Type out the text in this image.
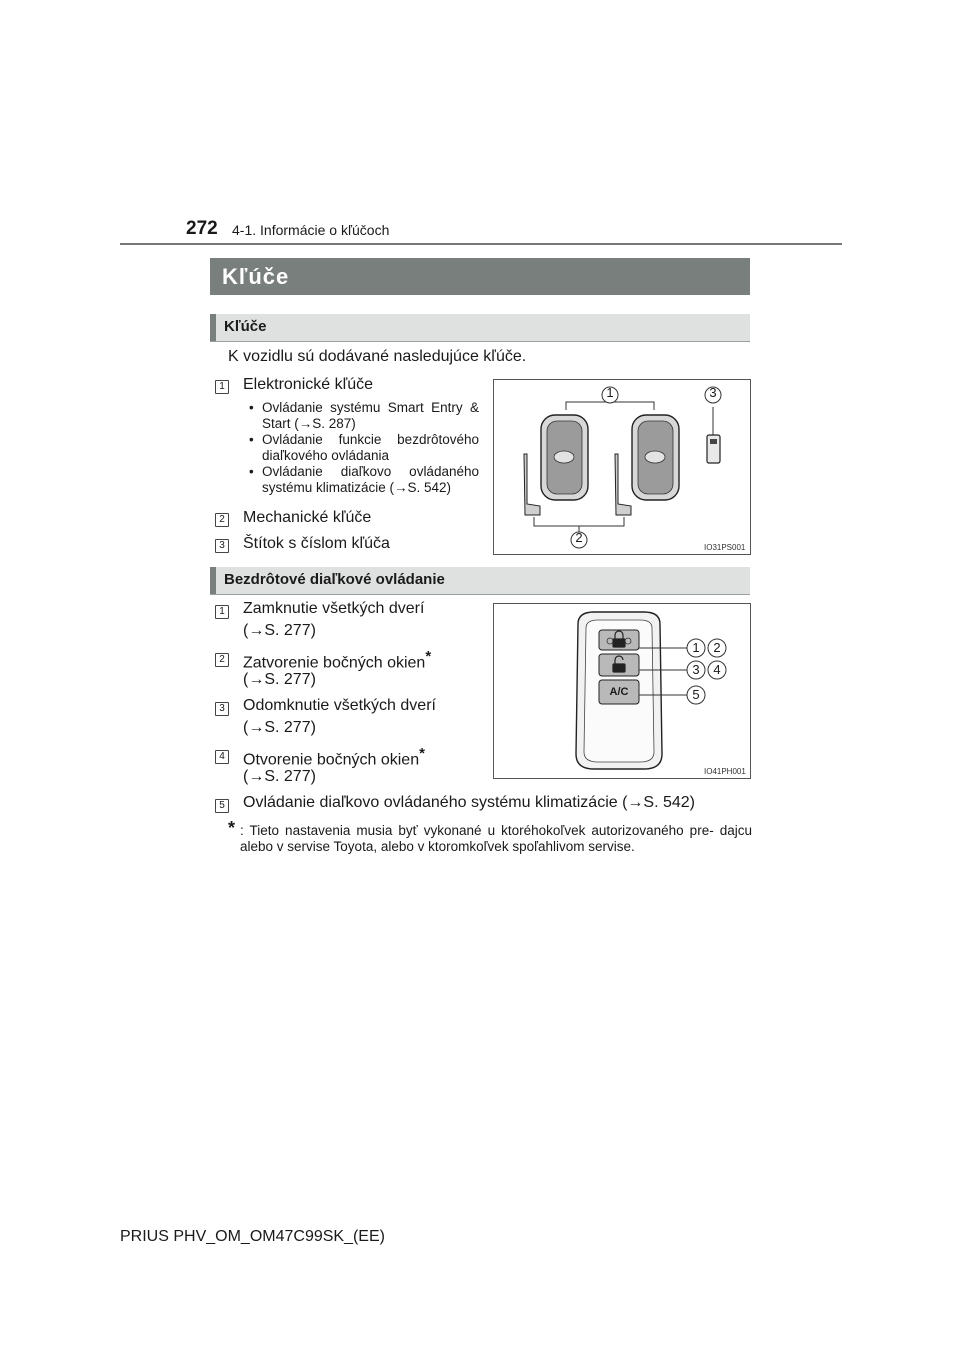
272 4-1. Informácie o kľúčoch
Kľúče
Kľúče
K vozidlu sú dodávané nasledujúce kľúče.
1 Elektronické kľúče
• Ovládanie systému Smart Entry & Start (→S. 287)
• Ovládanie funkcie bezdrôtového diaľkového ovládania
• Ovládanie diaľkovo ovládaného systému klimatizácie (→S. 542)
2 Mechanické kľúče
3 Štítok s číslom kľúča
1	3
2
IO31PS001
Bezdrôtové diaľkové ovládanie
1 Zamknutie všetkých dverí
(→S. 277)
2 Zatvorenie bočných okien*
(→S. 277)
3 Odomknutie všetkých dverí
(→S. 277)
4 Otvorenie bočných okien*
(→S. 277)
5 Ovládanie diaľkovo ovládaného systému klimatizácie (→S. 542)
A/C
1	2
3	4
5
IO41PH001
* : Tieto nastavenia musia byť vykonané u ktoréhokoľvek autorizovaného pre- dajcu alebo v servise Toyota, alebo v ktoromkoľvek spoľahlivom servise.
PRIUS PHV_OM_OM47C99SK_(EE)
